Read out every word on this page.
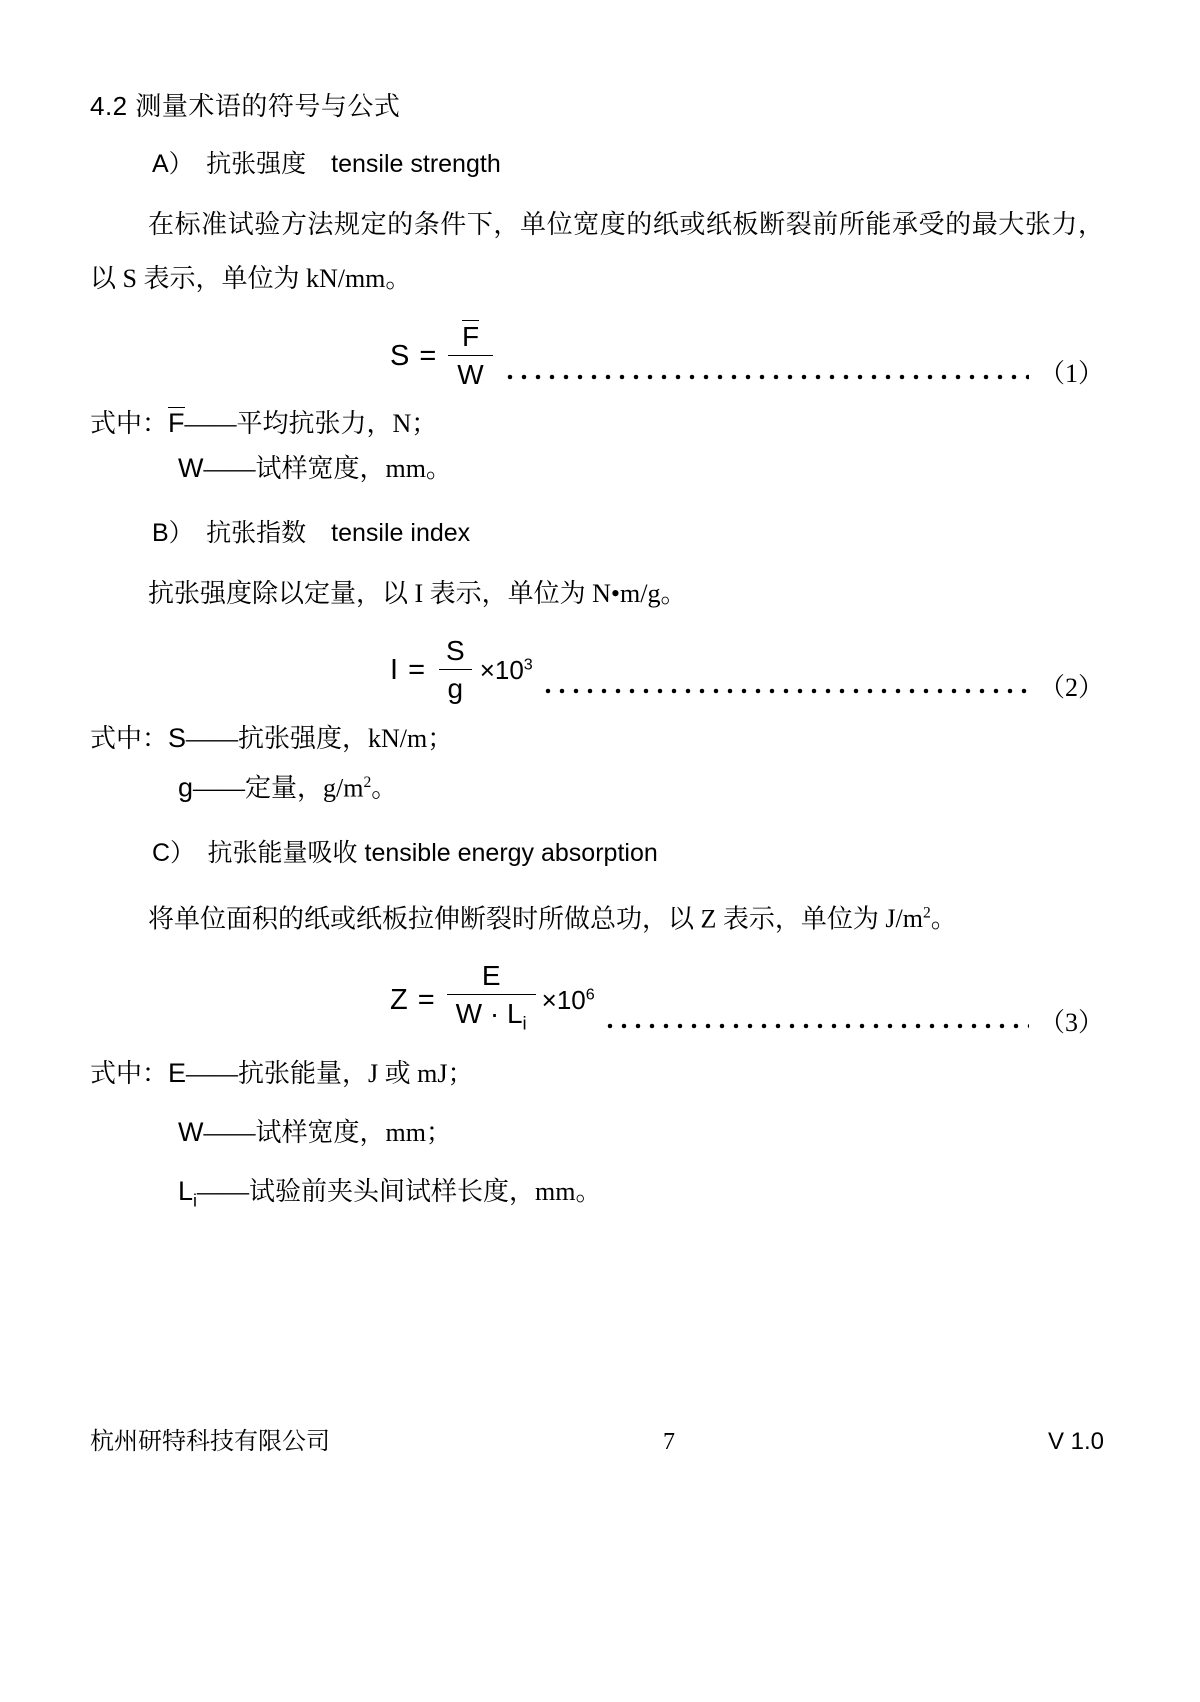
4.2 测量术语的符号与公式

A）　抗张强度　tensile strength

在标准试验方法规定的条件下，单位宽度的纸或纸板断裂前所能承受的最大张力，以 S 表示，单位为 kN/mm。

$S = \frac{F}{W}$	（1）

式中：F——平均抗张力，N；

W——试样宽度，mm。

B）　抗张指数　tensile index

抗张强度除以定量，以 I 表示，单位为 N•m/g。

$I = \frac{S}{g} \times 10^3$
（2）

式中：S——抗张强度，kN/m；

g——定量，$g/m^2$。

C）　抗张能量吸收 tensible energy absorption

将单位面积的纸或纸板拉伸断裂时所做总功，以 Z 表示，单位为 $J/m^2$。

$Z = \frac{E}{W \cdot L_i} \times 10^6$
（3）

式中：E——抗张能量，J 或 mJ；

W——试样宽度，mm；

$L_i——$试验前夹头间试样长度，mm。

杭州研特科技有限公司	7	V 1.0
